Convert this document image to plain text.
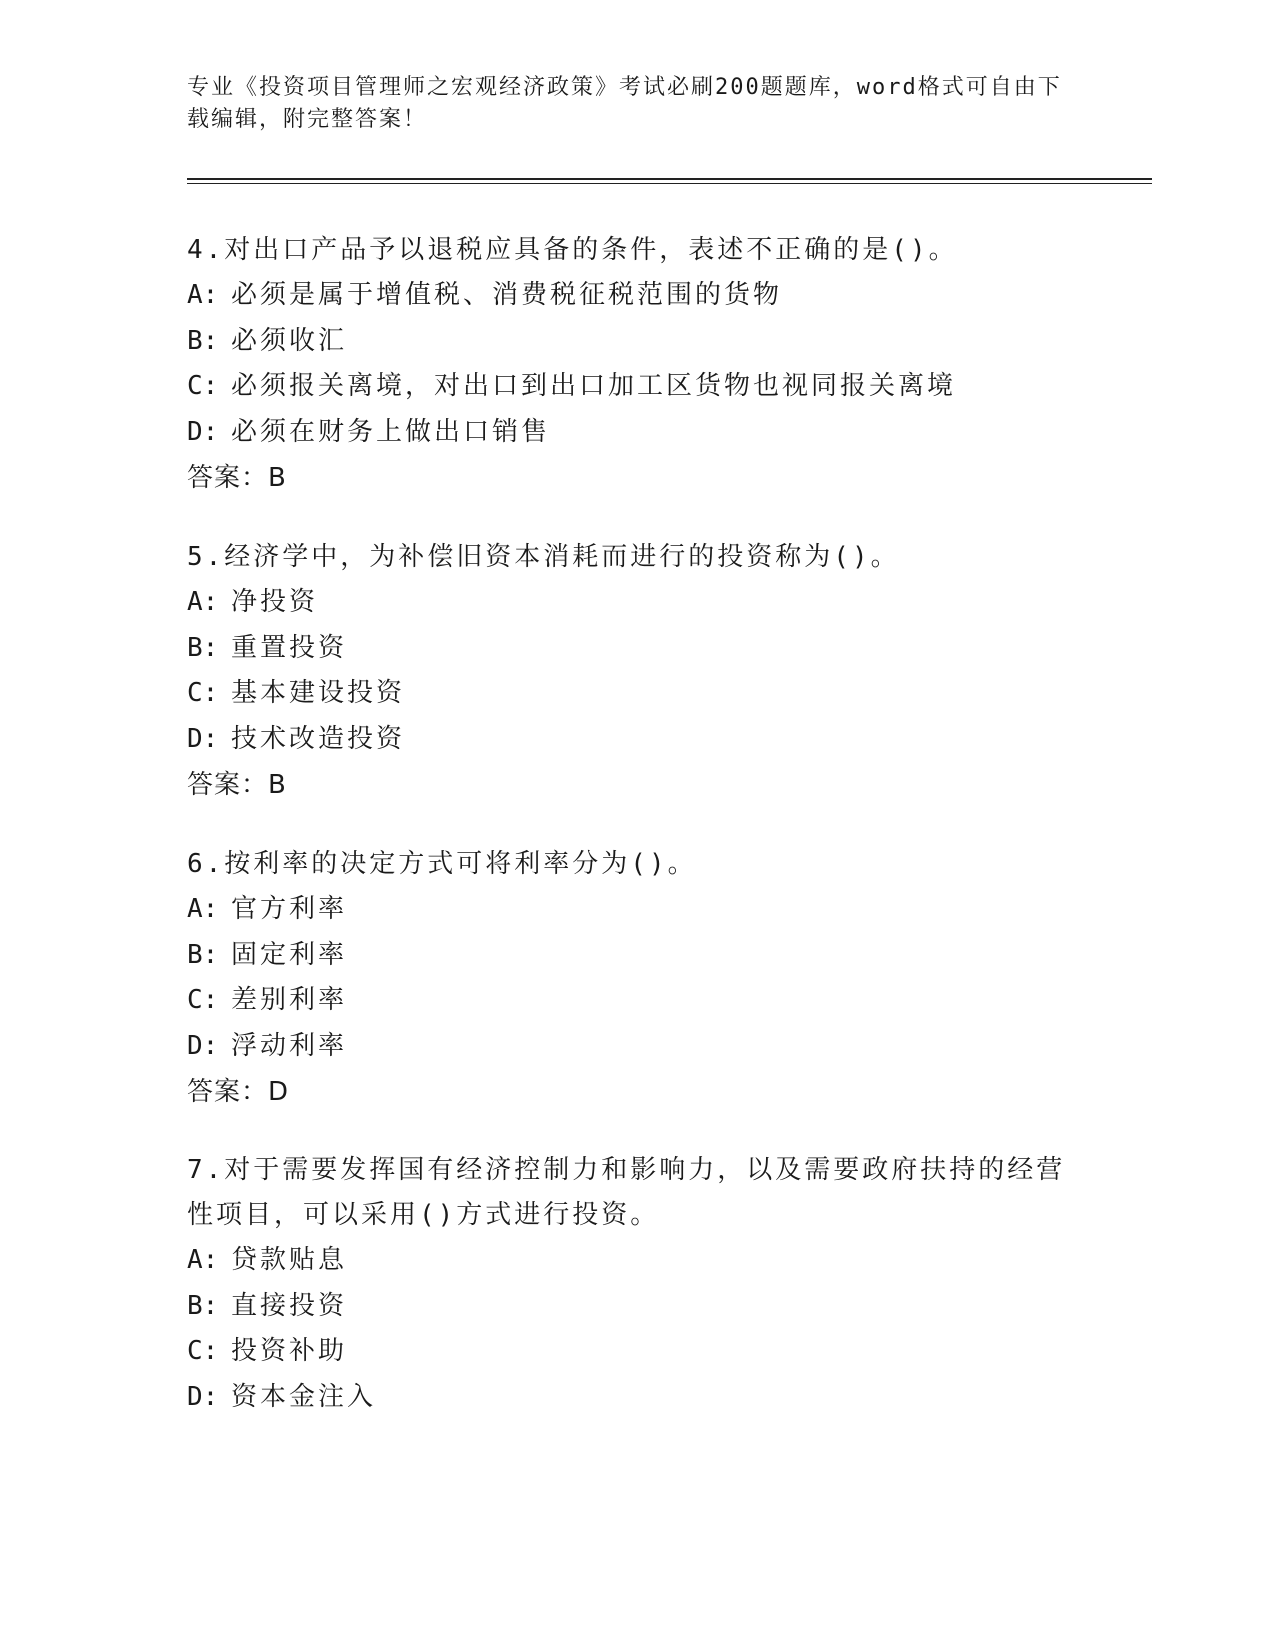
专业《投资项目管理师之宏观经济政策》考试必刷200题题库，word格式可自由下载编辑，附完整答案！
4.对出口产品予以退税应具备的条件，表述不正确的是()。
A: 必须是属于增值税、消费税征税范围的货物
B: 必须收汇
C: 必须报关离境，对出口到出口加工区货物也视同报关离境
D: 必须在财务上做出口销售
答案：B
5.经济学中，为补偿旧资本消耗而进行的投资称为()。
A: 净投资
B: 重置投资
C: 基本建设投资
D: 技术改造投资
答案：B
6.按利率的决定方式可将利率分为()。
A: 官方利率
B: 固定利率
C: 差别利率
D: 浮动利率
答案：D
7.对于需要发挥国有经济控制力和影响力，以及需要政府扶持的经营性项目，可以采用()方式进行投资。
A: 贷款贴息
B: 直接投资
C: 投资补助
D: 资本金注入
